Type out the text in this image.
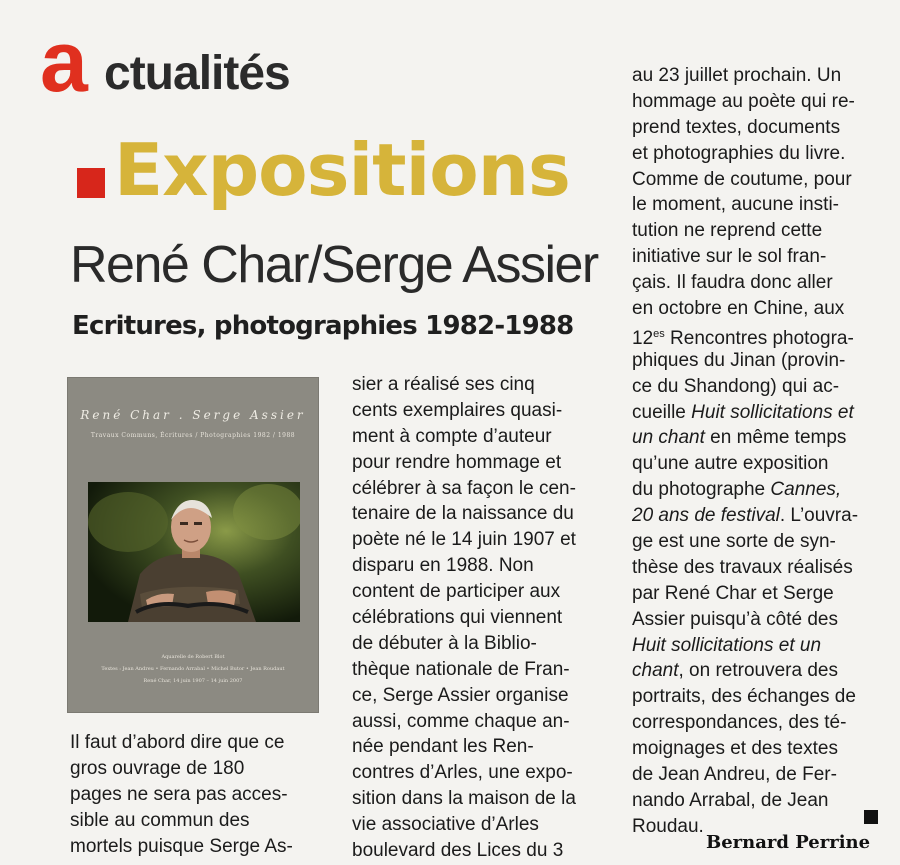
a ctualités
Expositions
René Char/Serge Assier
Ecritures, photographies 1982-1988
René Char . Serge Assier
Travaux Communs, Écritures / Photographies 1982 / 1988
Aquarelle de Robert Blot
Textes : Jean Andreu • Fernando Arrabal • Michel Butor • Jean Roudaut
René Char, 14 juin 1907 – 14 juin 2007
Il faut d’abord dire que ce
gros ouvrage de 180
pages ne sera pas acces-
sible au commun des
mortels puisque Serge As-
sier a réalisé ses cinq
cents exemplaires quasi-
ment à compte d’auteur
pour rendre hommage et
célébrer à sa façon le cen-
tenaire de la naissance du
poète né le 14 juin 1907 et
disparu en 1988. Non
content de participer aux
célébrations qui viennent
de débuter à la Biblio-
thèque nationale de Fran-
ce, Serge Assier organise
aussi, comme chaque an-
née pendant les Ren-
contres d’Arles, une expo-
sition dans la maison de la
vie associative d’Arles
boulevard des Lices du 3
au 23 juillet prochain. Un
hommage au poète qui re-
prend textes, documents
et photographies du livre.
Comme de coutume, pour
le moment, aucune insti-
tution ne reprend cette
initiative sur le sol fran-
çais. Il faudra donc aller
en octobre en Chine, aux
$12^{es}$ Rencontres photogra-
phiques du Jinan (provin-
ce du Shandong) qui ac-
cueille Huit sollicitations et
un chant en même temps
qu’une autre exposition
du photographe Cannes,
20 ans de festival. L’ouvra-
ge est une sorte de syn-
thèse des travaux réalisés
par René Char et Serge
Assier puisqu’à côté des
Huit sollicitations et un
chant, on retrouvera des
portraits, des échanges de
correspondances, des té-
moignages et des textes
de Jean Andreu, de Fer-
nando Arrabal, de Jean
Roudau.
Bernard Perrine
